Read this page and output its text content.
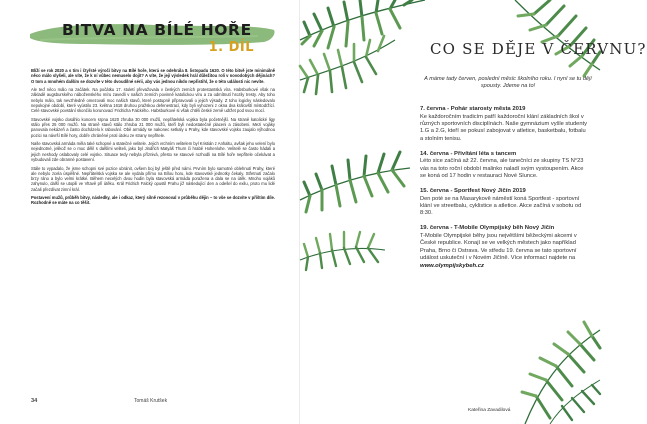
BITVA NA BÍLÉ HOŘE
1. DÍL

Blíží se rok 2020 a s tím i čtyřsté výročí bitvy na Bílé hoře, která se odehrála 8. listopadu 1620. O této bitvě jste minimálně něco málo slyšeli, ale víte, že k ní vůbec nemuselo dojít? A víte, že její výsledek hrál důležitou roli v novodobých dějinách? O tom a mnohém dalším se dozvíte v této dvoudílné sérii, aby vás jednou nikdo nepřistihl, že o této události nic nevíte.

Ale teď něco málo na začátek. Na počátku 17. století převažovala v českých zemích protestantská víra. Habsburkové však na základě augsburského náboženského míru zavedli v našich zemích povinně katolickou víru a za odmítnutí hrozily tresty. Aby toho nebylo málo, tak nevzhledně omezovali moc našich stavů, které postupně připravovali o jejich výsady. Z toho logicky následovalo nepokojné období, které vyústilo 23. května 1618 druhou pražskou defenestrací, kdy byli vyhozeni z okna dva královští místodržící. Celé stavovské povstání skončilo korunovací Fridricha Falckého. Habsburkové si však chtěli české země udržet pod svou mocí.

Stavovské vojsko dosáhlo koncem srpna 1620 zhruba 30 000 mužů, nepřátelská vojska byla početnější. Na straně katolické ligy stálo přes 25 000 mužů. Na straně stavů stálo zhruba 21 000 mužů, kteří byli nedostatečně placeni a zásobeni. Mezi vojáky panovala nekázeň a často docházelo k rabování. Obě armády se nakonec setkaly u Prahy, kde stavovské vojsko zaujalo výhodnou pozici na návrší Bílé hory, dobře chráněné proti útoku ze strany nepřítele.

Naše stavovská armáda měla také schopné a statečné velitele. Jejich vrchním velitelem byl Kristián z Anhaltu, avšak jeho velení bylo nejednotné, jelikož se o moc dělil s dalšími veliteli, jako byl Jindřich Matyáš Thurn či hrabě Hohenlohe. Velitelé se často hádali a jejich neshody oslabovaly celé vojsko. Situace tedy nebyla příznivá, přesto se stavové rozhodli na Bílé hoře nepřítele očekávat a vybudovali zde obranné postavení.

Stále to vypadalo, že jsme schopni své pozice ubránit, ovšem boj byl ještě před námi. Prvním bylo samotné oblehnutí Prahy, které ale nebylo zcela úspěšné. Nepřátelská vojska se ale vydala přímo na Bílou horu, kde stavovské jednotky čekaly. Střetnutí začalo brzy ráno a bylo velmi krátké. Během necelých dvou hodin byla stavovská armáda poražena a dala se na útěk. Mnoho vojáků zahynulo, další se utopili ve Vltavě při útěku. Král Fridrich Falcký opustil Prahu již následující den a odešel do exilu, proto mu lidé začali přezdívat zimní král.

Postavení mužů, průběh bitvy, následky, ale i odkaz, který silně rezonoval v průběhu dějin – to vše se dozvíte v příštím díle. Rozhodně se máte na co těšit.

34	Tomáš Krutšek
CO SE DĚJE V ČERVNU?
A máme tady červen, poslední měsíc školního roku. I nyní se tu dějí spousty. Jdeme na to!
7. června - Pohár starosty města 2019
Ke každoročním tradicím patří každoroční klání základních škol v různých sportovních disciplínách. Naše gymnázium vyšle studenty 1.G a 2.G, kteří se pokusí zabojovat v atletice, basketbalu, fotbalu a stolním tenisu.
14. června - Přivítání léta s tancem
Léto sice začíná až 22. června, ale tanečníci ze skupiny TS N°23 vás na toto roční období malinko naladí svým vystoupením. Akce se koná od 17 hodin v restauraci Nové Slunce.
15. června - Sportfest Nový Jičín 2019
Den poté se na Masarykově náměstí koná Sportfest - sportovní klání ve streetbalu, cyklistice a atletice. Akce začíná v sobotu od 8:30.
19. června - T-Mobile Olympijský běh Nový Jičín
T-Mobile Olympijské běhy jsou největšími běžeckými akcemi v České republice. Konají se ve velkých městech jako například Praha, Brno či Ostrava. Ve středu 19. června se tato sportovní událost uskuteční i v Novém Jičíně. Více informací najdete na
www.olympijskybeh.cz
Kateřina Zavadilová
